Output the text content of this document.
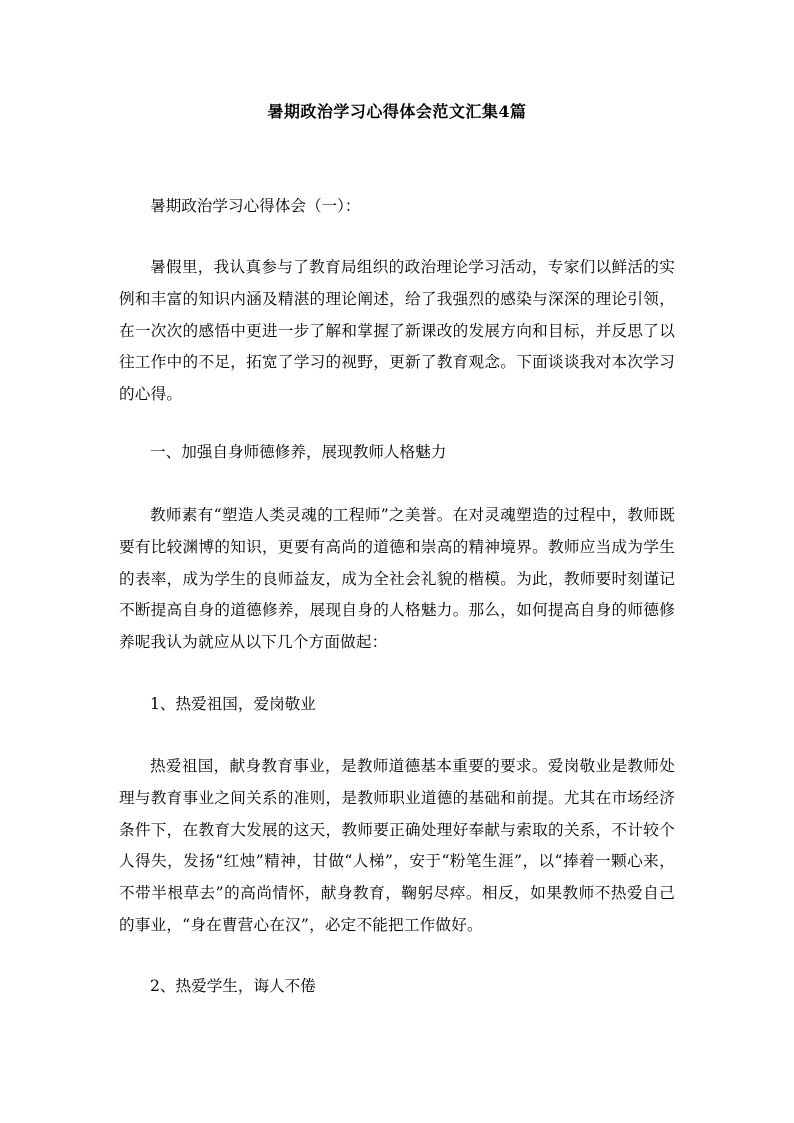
暑期政治学习心得体会范文汇集4篇
暑期政治学习心得体会（一）：
暑假里，我认真参与了教育局组织的政治理论学习活动，专家们以鲜活的实例和丰富的知识内涵及精湛的理论阐述，给了我强烈的感染与深深的理论引领，在一次次的感悟中更进一步了解和掌握了新课改的发展方向和目标，并反思了以往工作中的不足，拓宽了学习的视野，更新了教育观念。下面谈谈我对本次学习的心得。
一、加强自身师德修养，展现教师人格魅力
教师素有“塑造人类灵魂的工程师”之美誉。在对灵魂塑造的过程中，教师既要有比较渊博的知识，更要有高尚的道德和崇高的精神境界。教师应当成为学生的表率，成为学生的良师益友，成为全社会礼貌的楷模。为此，教师要时刻谨记不断提高自身的道德修养，展现自身的人格魅力。那么，如何提高自身的师德修养呢我认为就应从以下几个方面做起：
1、热爱祖国，爱岗敬业
热爱祖国，献身教育事业，是教师道德基本重要的要求。爱岗敬业是教师处理与教育事业之间关系的准则，是教师职业道德的基础和前提。尤其在市场经济条件下，在教育大发展的这天，教师要正确处理好奉献与索取的关系，不计较个人得失，发扬“红烛”精神，甘做“人梯”，安于“粉笔生涯”，以“捧着一颗心来，不带半根草去”的高尚情怀，献身教育，鞠躬尽瘁。相反，如果教师不热爱自己的事业，“身在曹营心在汉”，必定不能把工作做好。
2、热爱学生，诲人不倦
